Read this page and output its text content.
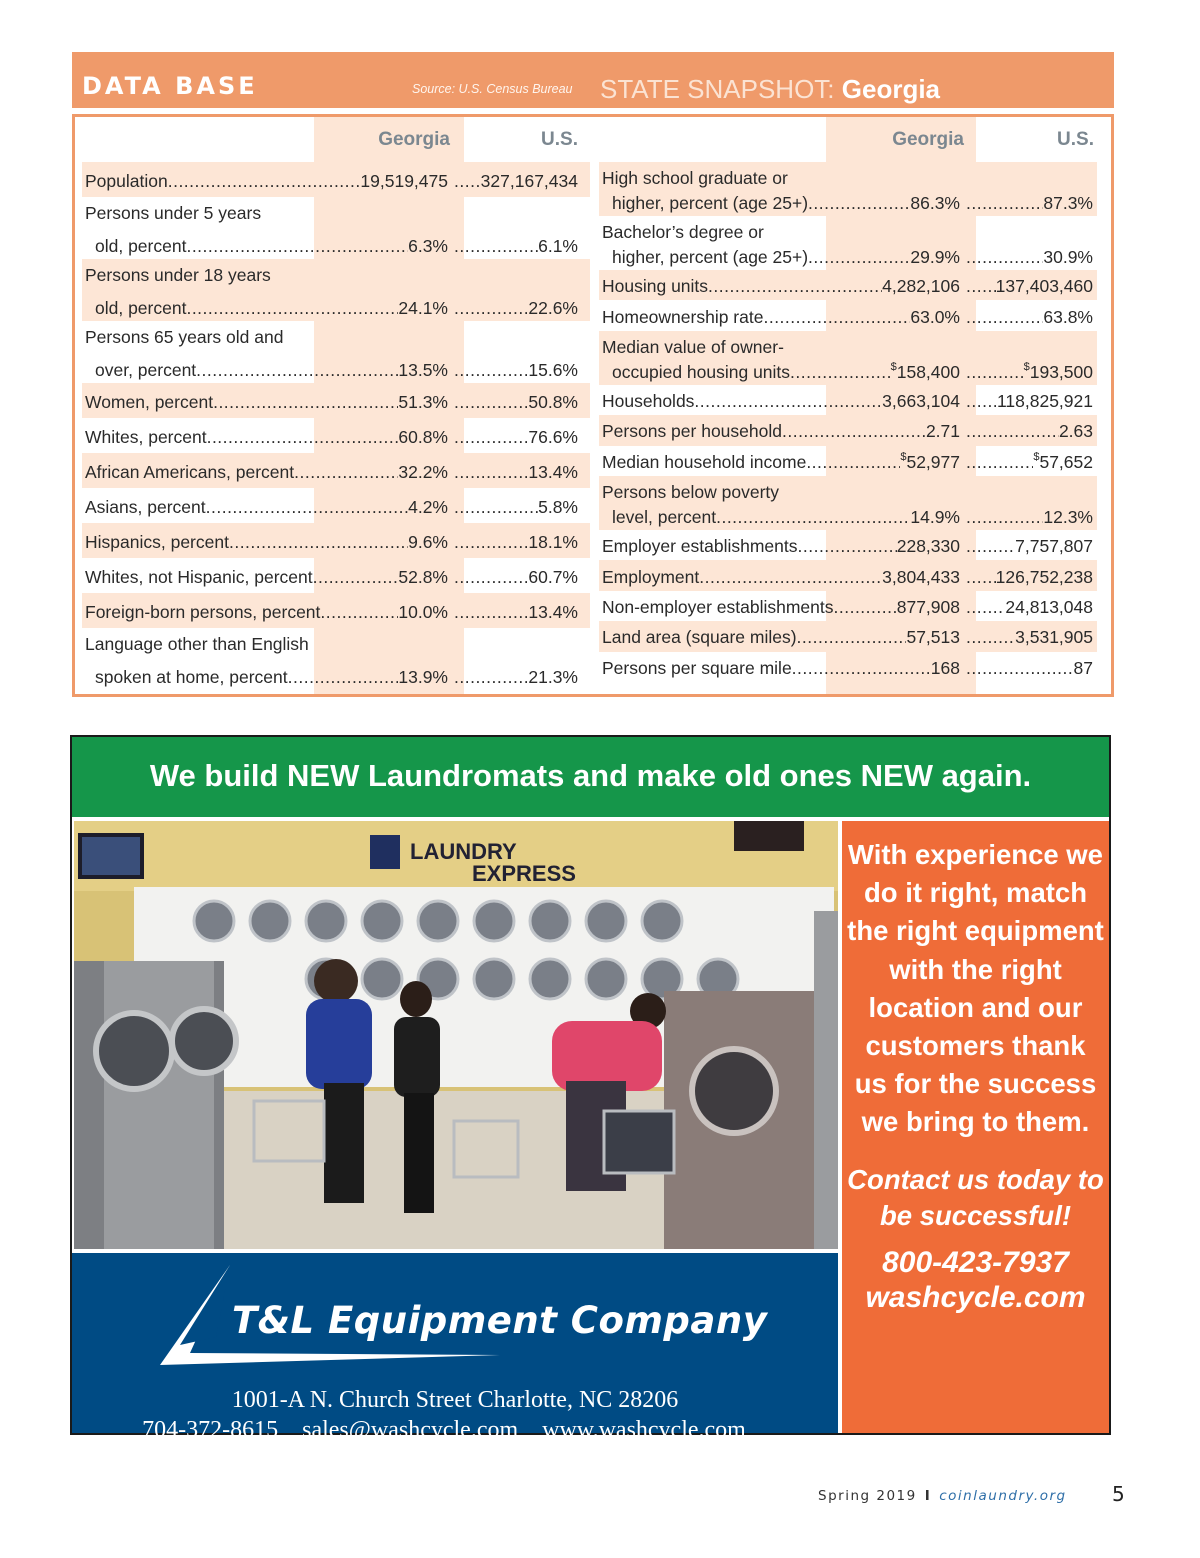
DATA BASE	Source: U.S. Census Bureau STATE SNAPSHOT: Georgia
Georgia	U.S.
Population .....	19,519,475 ..... 327,167,434
Persons under 5 years
old, percent .....	6.3% .....	6.1%
Persons under 18 years
old, percent .....	24.1% .....	22.6%
Persons 65 years old and
over, percent .....	13.5% .....	15.6%
Women, percent .....	51.3% .....	50.8%
Whites, percent .....	60.8% .....	76.6%
African Americans, percent .....	32.2% .....	13.4%
Asians, percent .....	4.2% .....	5.8%
Hispanics, percent .....	9.6% .....	18.1%
Whites, not Hispanic, percent .....	52.8% .....	60.7%
Foreign-born persons, percent .....	10.0% .....	13.4%
Language other than English
spoken at home, percent .....	13.9% .....	21.3%
Georgia	U.S.
High school graduate or
higher, percent (age 25+) .....	86.3% .....	87.3%
Bachelor’s degree or
higher, percent (age 25+) .....	29.9% .....	30.9%
Housing units .....	4,282,106 ..... 137,403,460
Homeownership rate .....	63.0% .....	63.8%
Median value of owner-
occupied housing units .....	$158,400 .....	$193,500
Households .....	3,663,104 ..... 118,825,921
Persons per household .....	2.71 .....	2.63
Median household income .....	$52,977 .....	$57,652
Persons below poverty
level, percent .....	14.9% .....	12.3%
Employer establishments .....	228,330 .....	7,757,807
Employment .....	3,804,433 ..... 126,752,238
Non-employer establishments .....	877,908 .....	24,813,048
Land area (square miles) .....	57,513 .....	3,531,905
Persons per square mile .....	168 .....	87
We build NEW Laundromats and make old ones NEW again.
LAUNDRY
EXPRESS
T&L Equipment Company
1001-A N. Church Street Charlotte, NC 28206
704-372-8615 sales@washcycle.com www.washcycle.com
With experience we do it right, match the right equipment with the right location and our customers thank us for the success we bring to them.
Contact us today to be successful!
800-423-7937
washcycle.com
Spring 2019 I coinlaundry.org 5
